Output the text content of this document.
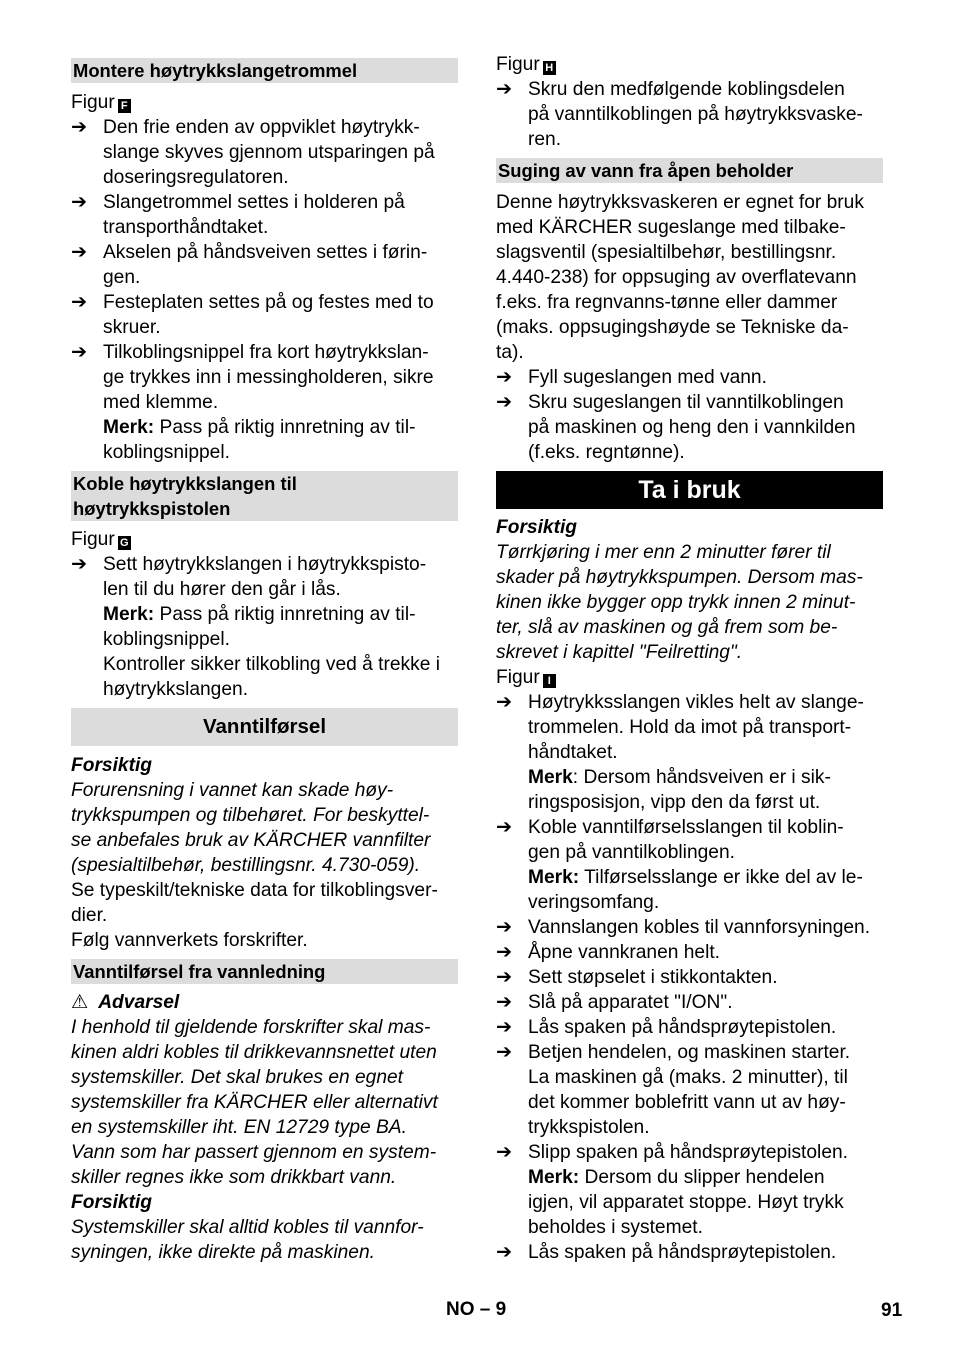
Montere høytrykkslangetrommel
Figur F
➔ Den frie enden av oppviklet høytrykk-
slange skyves gjennom utsparingen på
doseringsregulatoren.
➔ Slangetrommel settes i holderen på
transporthåndtaket.
➔ Akselen på håndsveiven settes i førin-
gen.
➔ Festeplaten settes på og festes med to
skruer.
➔ Tilkoblingsnippel fra kort høytrykkslan-
ge trykkes inn i messingholderen, sikre
med klemme.
Merk: Pass på riktig innretning av til-
koblingsnippel.
Koble høytrykkslangen til
høytrykkspistolen
Figur G
➔ Sett høytrykkslangen i høytrykkspisto-
len til du hører den går i lås.
Merk: Pass på riktig innretning av til-
koblingsnippel.
Kontroller sikker tilkobling ved å trekke i
høytrykkslangen.
Vanntilførsel
Forsiktig
Forurensning i vannet kan skade høy-
trykkspumpen og tilbehøret. For beskyttel-
se anbefales bruk av KÄRCHER vannfilter
(spesialtilbehør, bestillingsnr. 4.730-059).
Se typeskilt/tekniske data for tilkoblingsver-
dier.
Følg vannverkets forskrifter.
Vanntilførsel fra vannledning
⚠ Advarsel
I henhold til gjeldende forskrifter skal mas-
kinen aldri kobles til drikkevannsnettet uten
systemskiller. Det skal brukes en egnet
systemskiller fra KÄRCHER eller alternativt
en systemskiller iht. EN 12729 type BA.
Vann som har passert gjennom en system-
skiller regnes ikke som drikkbart vann.
Forsiktig
Systemskiller skal alltid kobles til vannfor-
syningen, ikke direkte på maskinen.
Figur H
➔ Skru den medfølgende koblingsdelen
på vanntilkoblingen på høytrykksvaske-
ren.
Suging av vann fra åpen beholder
Denne høytrykksvaskeren er egnet for bruk
med KÄRCHER sugeslange med tilbake-
slagsventil (spesialtilbehør, bestillingsnr.
4.440-238) for oppsuging av overflatevann
f.eks. fra regnvanns-tønne eller dammer
(maks. oppsugingshøyde se Tekniske da-
ta).
➔ Fyll sugeslangen med vann.
➔ Skru sugeslangen til vanntilkoblingen
på maskinen og heng den i vannkilden
(f.eks. regntønne).
Ta i bruk
Forsiktig
Tørrkjøring i mer enn 2 minutter fører til
skader på høytrykkspumpen. Dersom mas-
kinen ikke bygger opp trykk innen 2 minut-
ter, slå av maskinen og gå frem som be-
skrevet i kapittel "Feilretting".
Figur I
➔ Høytrykksslangen vikles helt av slange-
trommelen. Hold da imot på transport-
håndtaket.
Merk: Dersom håndsveiven er i sik-
ringsposisjon, vipp den da først ut.
➔ Koble vanntilførselsslangen til koblin-
gen på vanntilkoblingen.
Merk: Tilførselsslange er ikke del av le-
veringsomfang.
➔ Vannslangen kobles til vannforsyningen.
➔ Åpne vannkranen helt.
➔ Sett støpselet i stikkontakten.
➔ Slå på apparatet "I/ON".
➔ Lås spaken på håndsprøytepistolen.
➔ Betjen hendelen, og maskinen starter.
La maskinen gå (maks. 2 minutter), til
det kommer boblefritt vann ut av høy-
trykkspistolen.
➔ Slipp spaken på håndsprøytepistolen.
Merk: Dersom du slipper hendelen
igjen, vil apparatet stoppe. Høyt trykk
beholdes i systemet.
➔ Lås spaken på håndsprøytepistolen.
NO – 9	91
